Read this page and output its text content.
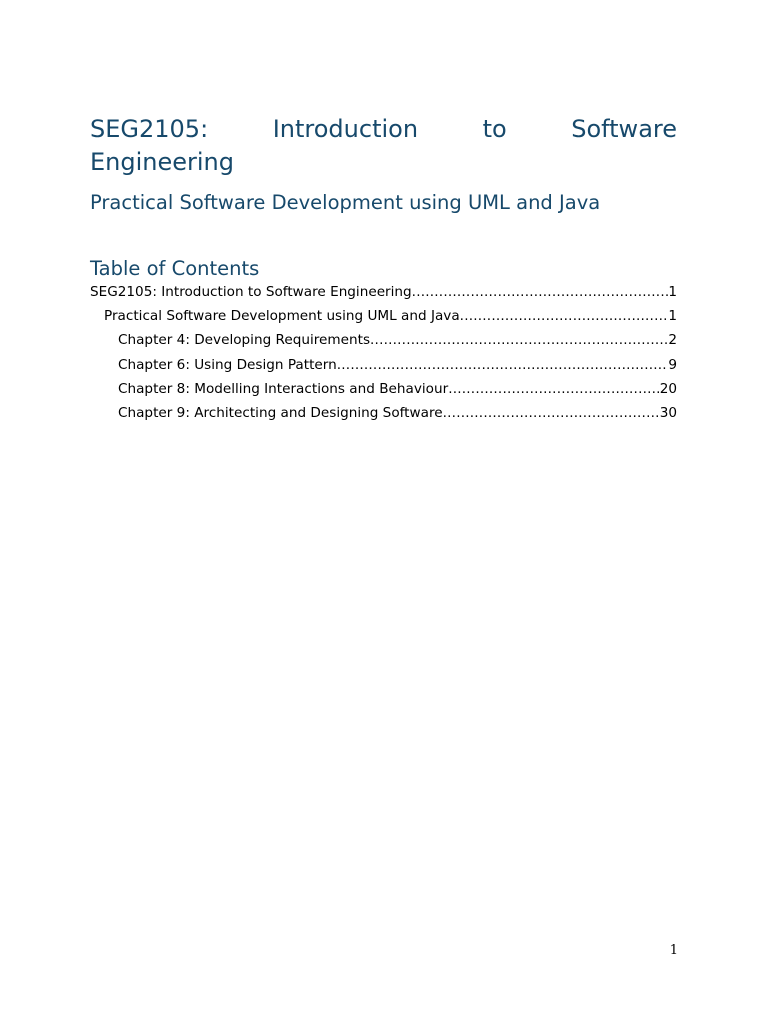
SEG2105:	Introduction	to	Software
Engineering
Practical Software Development using UML and Java
Table of Contents
SEG2105: Introduction to Software Engineering .....	1
Practical Software Development using UML and Java .....	1
Chapter 4: Developing Requirements .....	2
Chapter 6: Using Design Pattern .....	9
Chapter 8: Modelling Interactions and Behaviour .....	20
Chapter 9: Architecting and Designing Software .....	30
1
